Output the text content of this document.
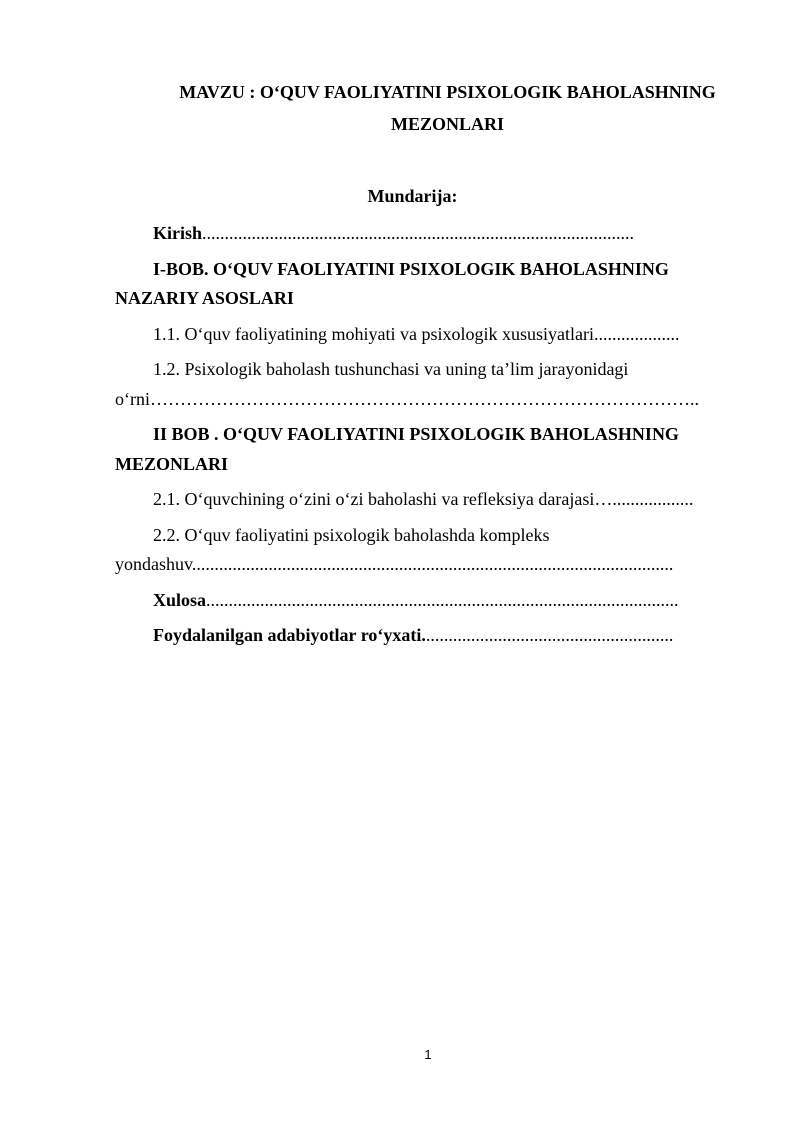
MAVZU : O‘QUV FAOLIYATINI PSIXOLOGIK BAHOLASHNING MEZONLARI
Mundarija:
Kirish................................................................................................
I-BOB. O‘QUV FAOLIYATINI PSIXOLOGIK BAHOLASHNING NAZARIY ASOSLARI
1.1. O‘quv faoliyatining mohiyati va psixologik xususiyatlari...................
1.2. Psixologik baholash tushunchasi va uning ta’lim jarayonidagi o‘rni………………………………………………………………………………..
II BOB . O‘QUV FAOLIYATINI PSIXOLOGIK BAHOLASHNING MEZONLARI
2.1. O‘quvchining o‘zini o‘zi baholashi va refleksiya darajasi…..................
2.2. O‘quv faoliyatini psixologik baholashda kompleks yondashuv...........................................................................................................
Xulosa.........................................................................................................
Foydalanilgan adabiyotlar ro‘yxati........................................................
1
